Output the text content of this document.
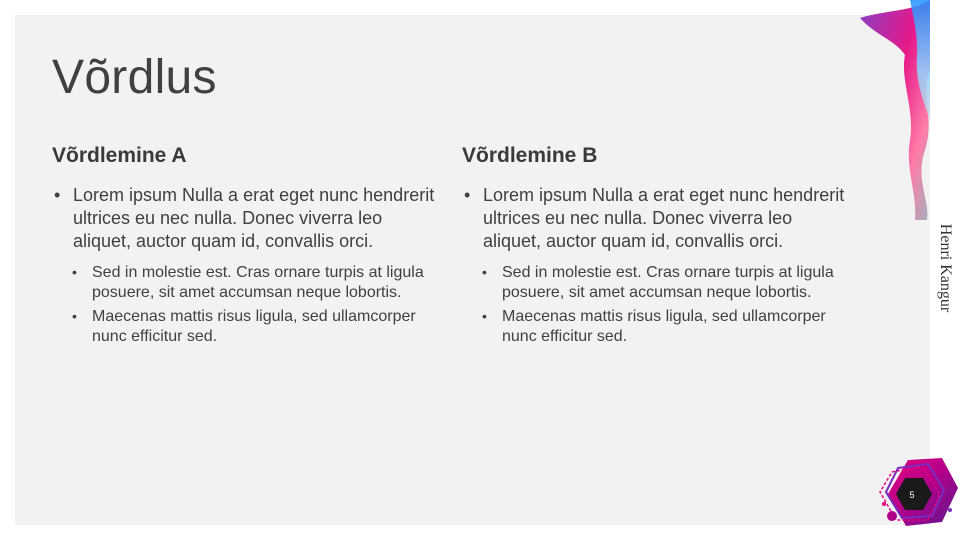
Võrdlus
Võrdlemine A

• Lorem ipsum Nulla a erat eget nunc hendrerit ultrices eu nec nulla. Donec viverra leo aliquet, auctor quam id, convallis orci.

• Sed in molestie est. Cras ornare turpis at ligula posuere, sit amet accumsan neque lobortis.

• Maecenas mattis risus ligula, sed ullamcorper nunc efficitur sed.

Võrdlemine B

• Lorem ipsum Nulla a erat eget nunc hendrerit ultrices eu nec nulla. Donec viverra leo aliquet, auctor quam id, convallis orci.

• Sed in molestie est. Cras ornare turpis at ligula posuere, sit amet accumsan neque lobortis.

• Maecenas mattis risus ligula, sed ullamcorper nunc efficitur sed.

Henri Kangur
5
